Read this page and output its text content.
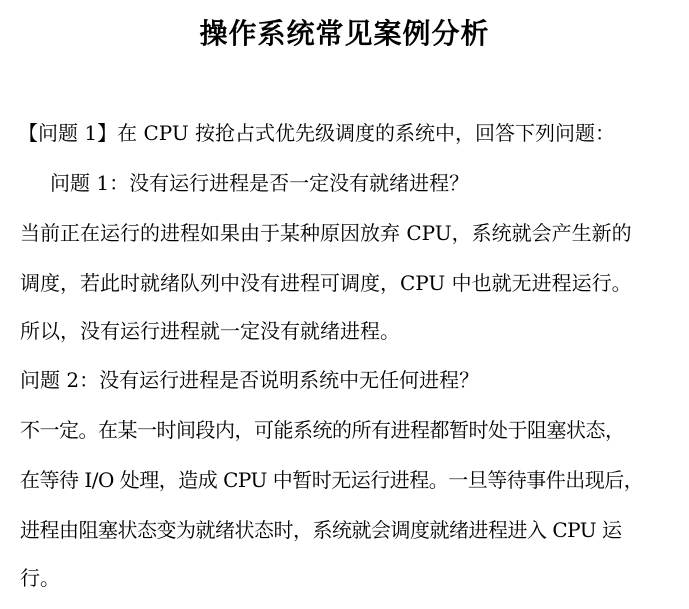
操作系统常见案例分析
【问题 1】在 CPU 按抢占式优先级调度的系统中，回答下列问题：
问题 1：没有运行进程是否一定没有就绪进程？
当前正在运行的进程如果由于某种原因放弃 CPU，系统就会产生新的
调度，若此时就绪队列中没有进程可调度，CPU 中也就无进程运行。
所以，没有运行进程就一定没有就绪进程。
问题 2：没有运行进程是否说明系统中无任何进程？
不一定。在某一时间段内，可能系统的所有进程都暂时处于阻塞状态，
在等待 I/O 处理，造成 CPU 中暂时无运行进程。一旦等待事件出现后，
进程由阻塞状态变为就绪状态时，系统就会调度就绪进程进入 CPU 运
行。
